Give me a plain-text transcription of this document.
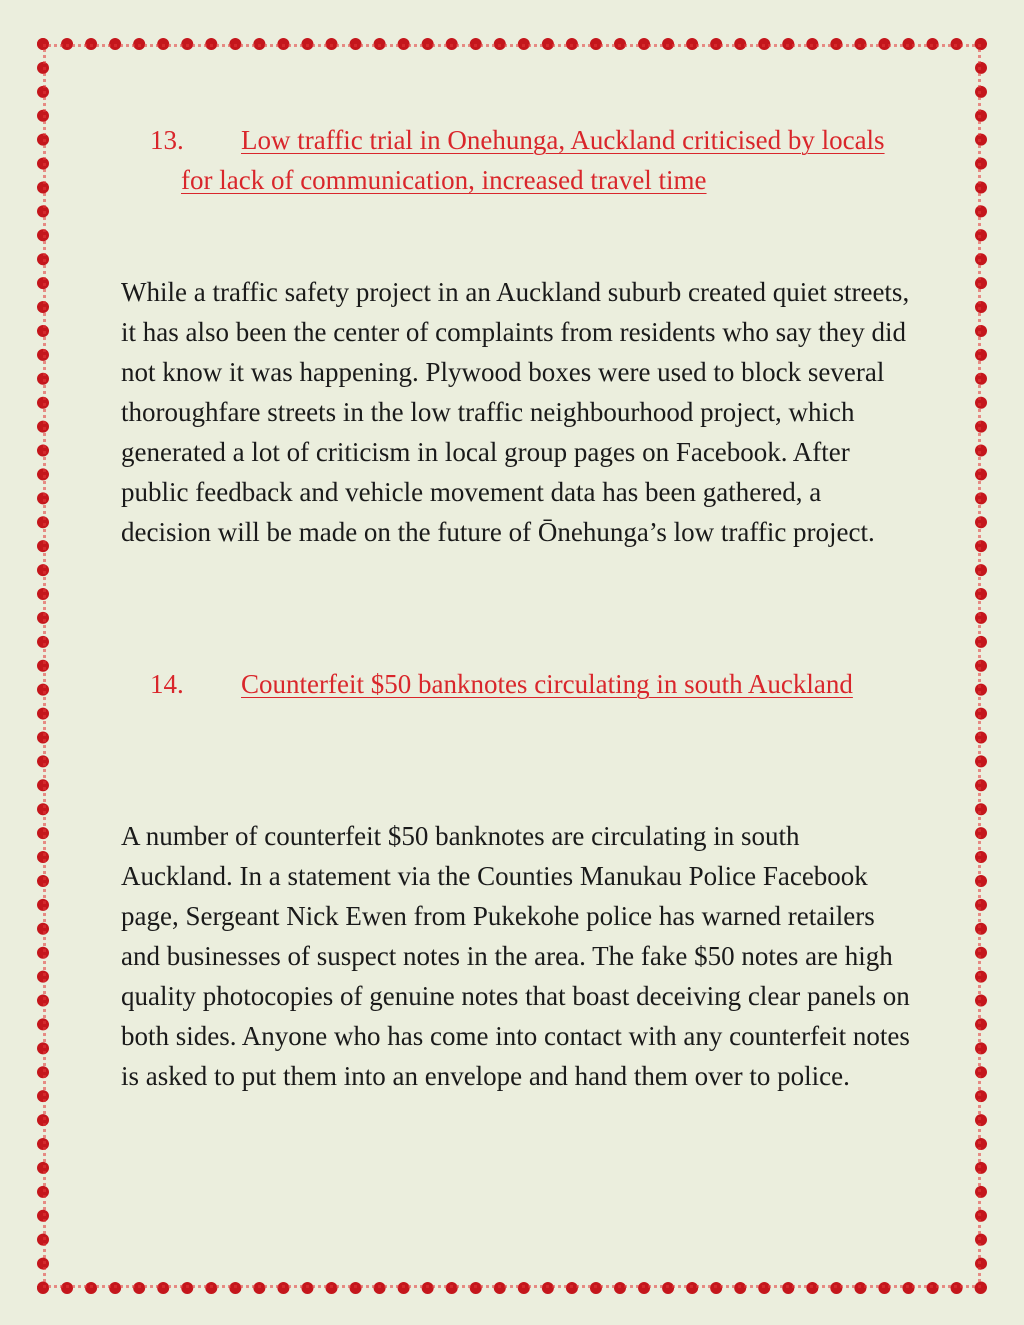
13.	Low traffic trial in Onehunga, Auckland criticised by locals for lack of communication, increased travel time

While a traffic safety project in an Auckland suburb created quiet streets, it has also been the center of complaints from residents who say they did not know it was happening. Plywood boxes were used to block several thoroughfare streets in the low traffic neighbourhood project, which generated a lot of criticism in local group pages on Facebook. After public feedback and vehicle movement data has been gathered, a decision will be made on the future of Ōnehunga’s low traffic project.

14.	Counterfeit $50 banknotes circulating in south Auckland

A number of counterfeit $50 banknotes are circulating in south Auckland. In a statement via the Counties Manukau Police Facebook page, Sergeant Nick Ewen from Pukekohe police has warned retailers and businesses of suspect notes in the area. The fake $50 notes are high quality photocopies of genuine notes that boast deceiving clear panels on both sides. Anyone who has come into contact with any counterfeit notes is asked to put them into an envelope and hand them over to police.
